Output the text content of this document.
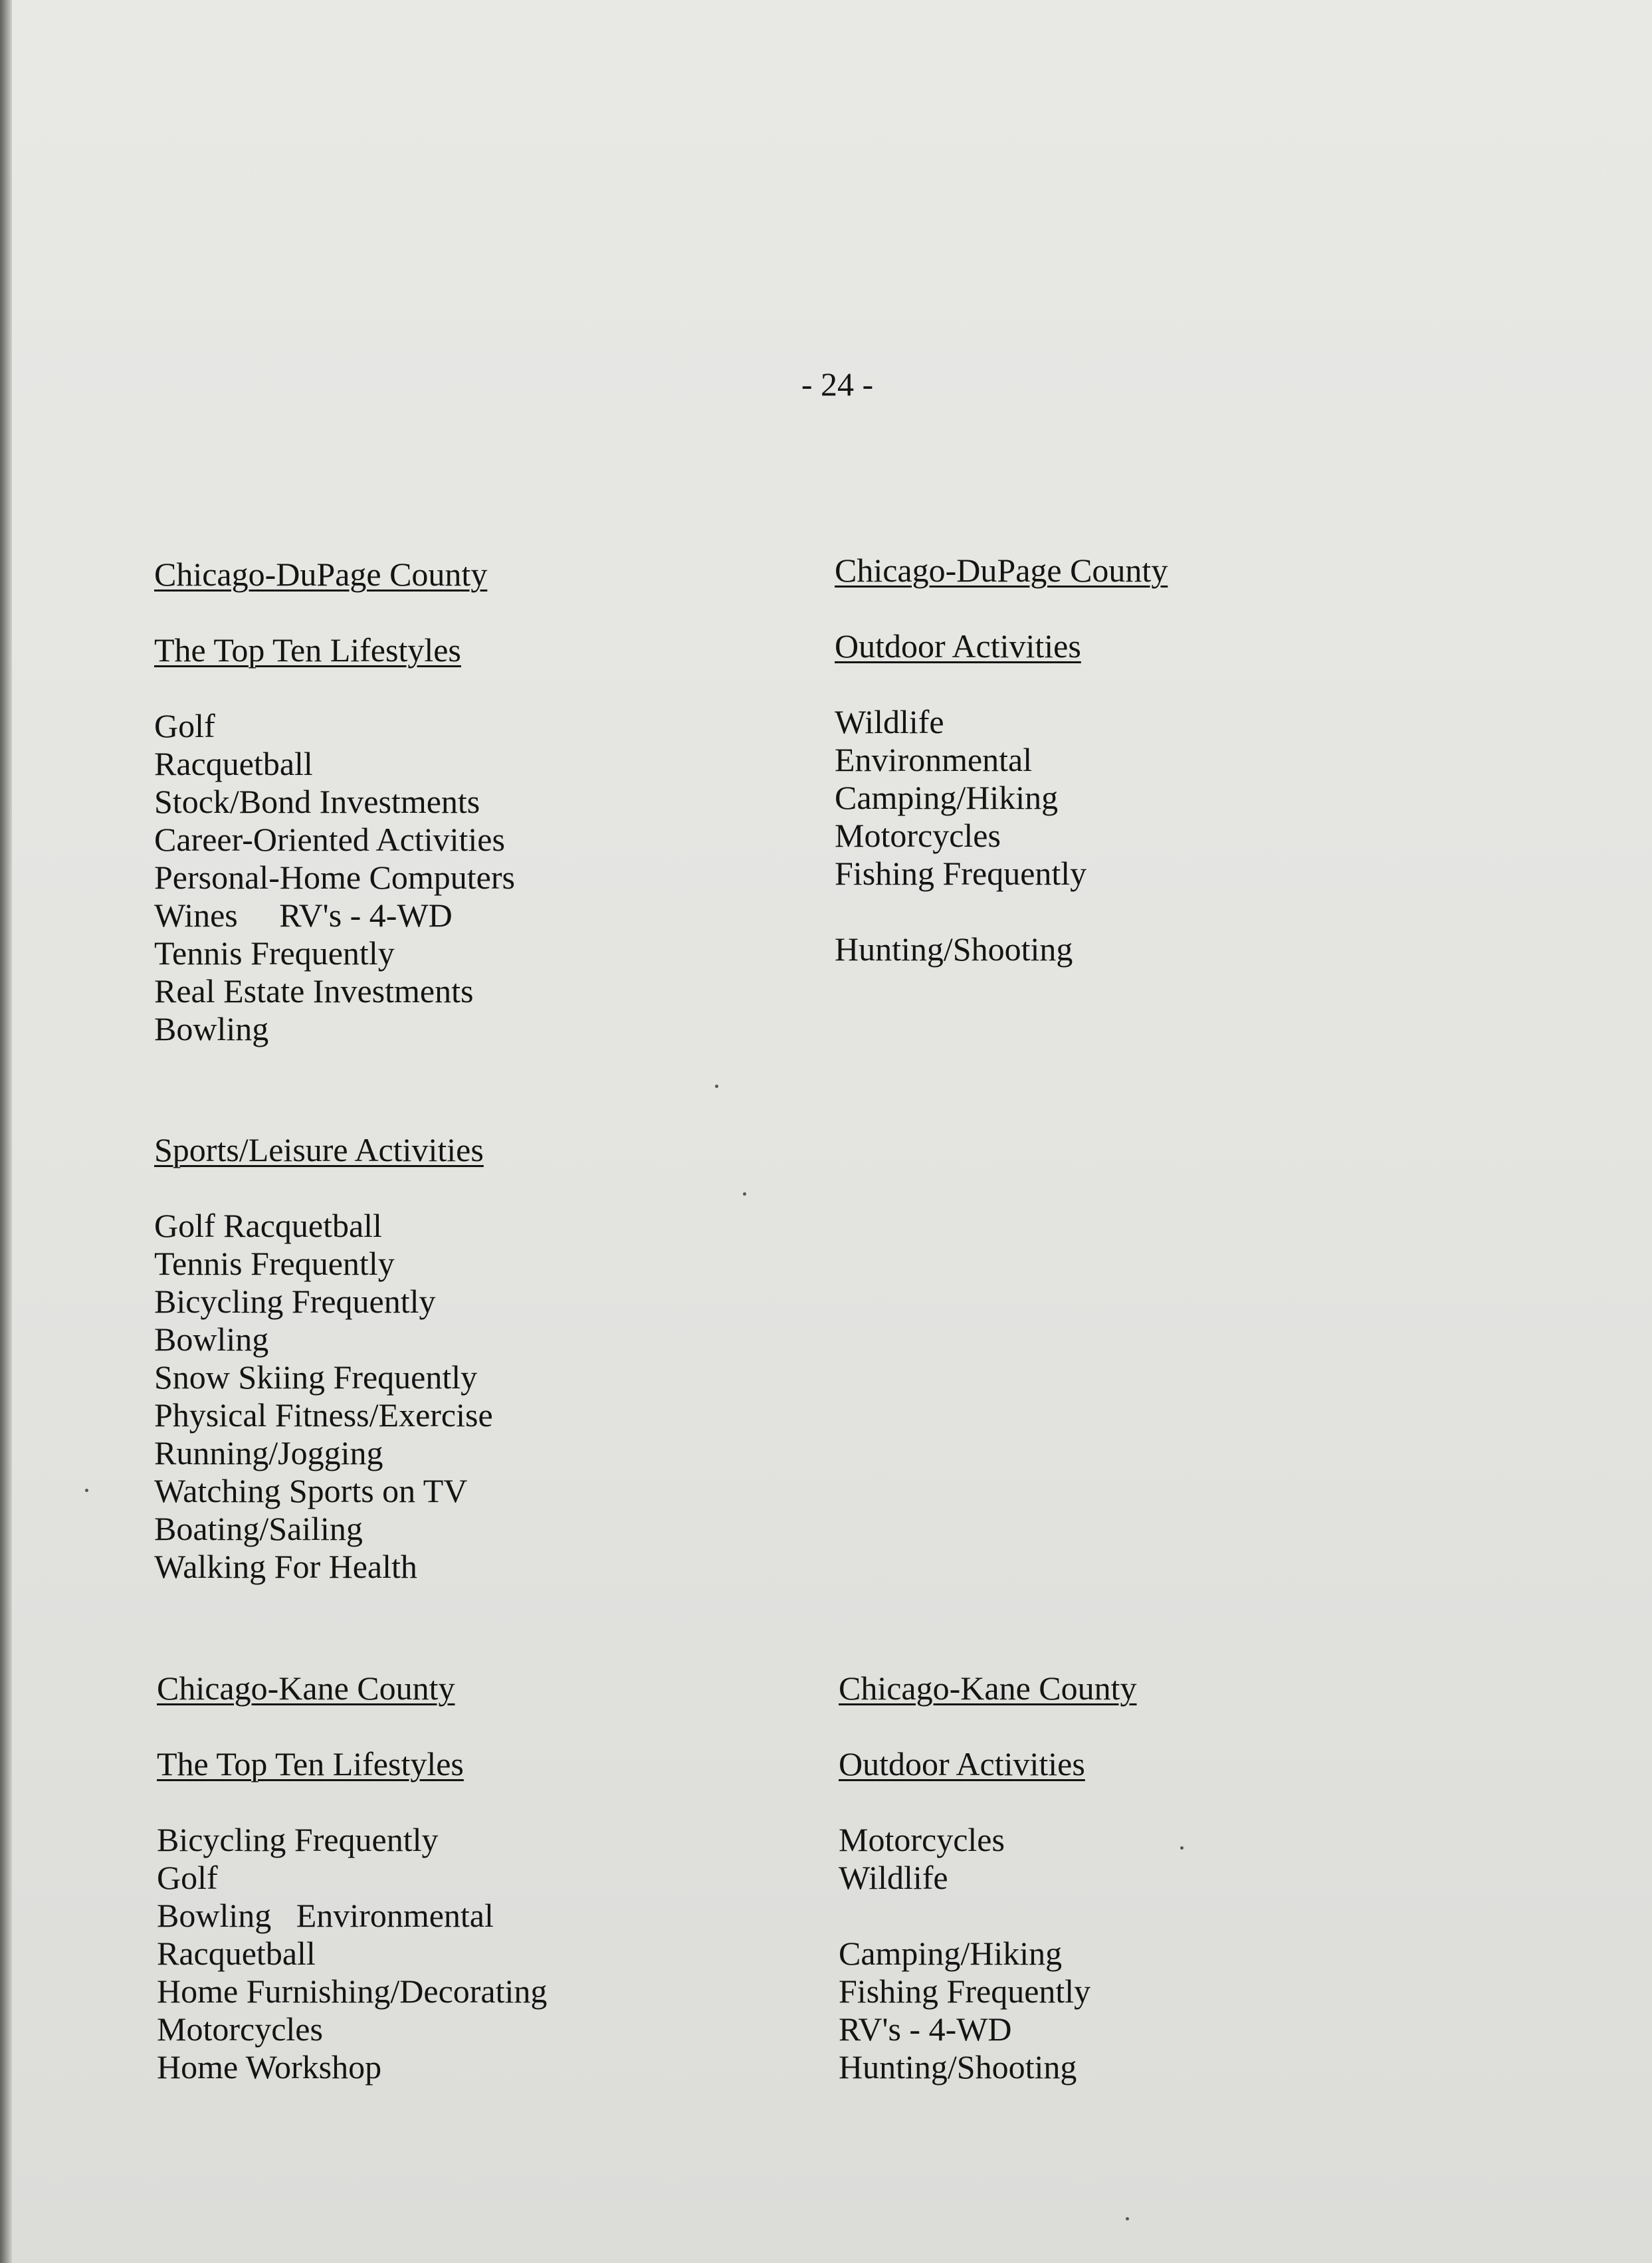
- 24 -
Chicago-DuPage County
The Top Ten Lifestyles
Golf
Racquetball
Stock/Bond Investments
Career-Oriented Activities
Personal-Home Computers
Wines     RV's - 4-WD
Tennis Frequently
Real Estate Investments
Bowling
Chicago-DuPage County
Outdoor Activities
Wildlife
Environmental
Camping/Hiking
Motorcycles
Fishing Frequently
Hunting/Shooting
Sports/Leisure Activities
Golf Racquetball
Tennis Frequently
Bicycling Frequently
Bowling
Snow Skiing Frequently
Physical Fitness/Exercise
Running/Jogging
Watching Sports on TV
Boating/Sailing
Walking For Health
Chicago-Kane County
The Top Ten Lifestyles
Bicycling Frequently
Golf
Bowling   Environmental
Racquetball
Home Furnishing/Decorating
Motorcycles
Home Workshop
Chicago-Kane County
Outdoor Activities
Motorcycles
Wildlife
Camping/Hiking
Fishing Frequently
RV's - 4-WD
Hunting/Shooting
